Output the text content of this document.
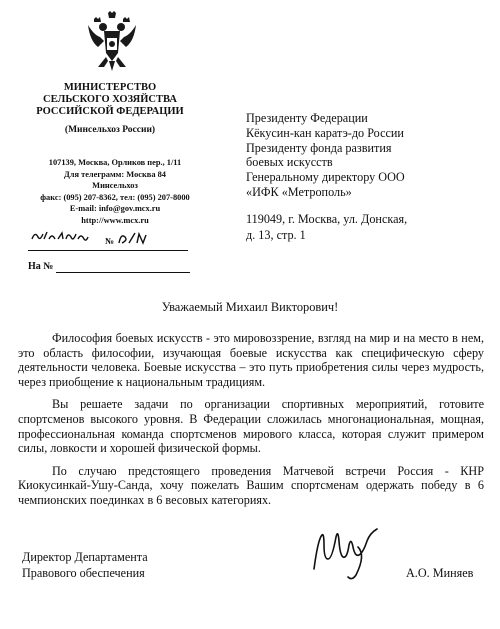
МИНИСТЕРСТВО
СЕЛЬСКОГО ХОЗЯЙСТВА
РОССИЙСКОЙ ФЕДЕРАЦИИ
(Минсельхоз России)
107139, Москва, Орликов пер., 1/11
Для телеграмм: Москва 84
Минсельхоз
факс: (095) 207-8362, тел: (095) 207-8000
E-mail: info@gov.mcx.ru
http://www.mcx.ru
№
На №
Президенту Федерации
Кёкусин-кан каратэ-до России
Президенту фонда развития
боевых искусств
Генеральному директору ООО
«ИФК «Метрополь»
119049, г. Москва, ул. Донская,
д. 13, стр. 1
Уважаемый Михаил Викторович!

Философия боевых искусств - это мировоззрение, взгляд на мир и на место в нем, это область философии, изучающая боевые искусства как специфическую сферу деятельности человека. Боевые искусства – это путь приобретения силы через мудрость, через приобщение к национальным традициям.

Вы решаете задачи по организации спортивных мероприятий, готовите спортсменов высокого уровня. В Федерации сложилась многонациональная, мощная, профессиональная команда спортсменов мирового класса, которая служит примером силы, ловкости и хорошей физической формы.

По случаю предстоящего проведения Матчевой встречи Россия - КНР Киокусинкай-Ушу-Санда, хочу пожелать Вашим спортсменам одержать победу в 6 чемпионских поединках в 6 весовых категориях.

Директор Департамента
Правового обеспечения	А.О. Миняев
